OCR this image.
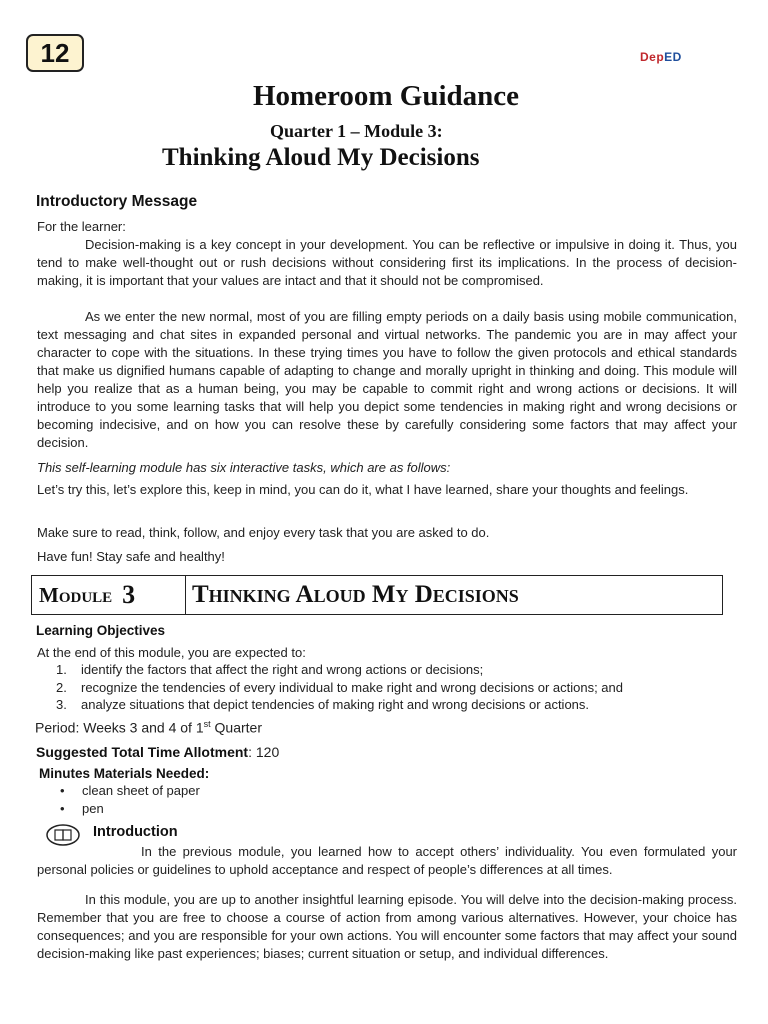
12	DepED
Homeroom Guidance
Quarter 1 – Module 3:
Thinking Aloud My Decisions
Introductory Message
For the learner:
Decision-making is a key concept in your development. You can be reflective or impulsive in doing it. Thus, you tend to make well-thought out or rush decisions without considering first its implications. In the process of decision-making, it is important that your values are intact and that it should not be compromised.
As we enter the new normal, most of you are filling empty periods on a daily basis using mobile communication, text messaging and chat sites in expanded personal and virtual networks. The pandemic you are in may affect your character to cope with the situations. In these trying times you have to follow the given protocols and ethical standards that make us dignified humans capable of adapting to change and morally upright in thinking and doing. This module will help you realize that as a human being, you may be capable to commit right and wrong actions or decisions. It will introduce to you some learning tasks that will help you depict some tendencies in making right and wrong decisions or becoming indecisive, and on how you can resolve these by carefully considering some factors that may affect your decision.
This self-learning module has six interactive tasks, which are as follows:
Let’s try this, let’s explore this, keep in mind, you can do it, what I have learned, share your thoughts and feelings.
Make sure to read, think, follow, and enjoy every task that you are asked to do.
Have fun! Stay safe and healthy!
Module 3 Thinking Aloud My Decisions
Learning Objectives
At the end of this module, you are expected to:
1.	identify the factors that affect the right and wrong actions or decisions;
2.	recognize the tendencies of every individual to make right and wrong decisions or actions; and
3.	analyze situations that depict tendencies of making right and wrong decisions or actions.
Period: Weeks 3 and 4 of 1st Quarter
Suggested Total Time Allotment: 120
Minutes Materials Needed:
•	clean sheet of paper
•	pen
Introduction
In the previous module, you learned how to accept others’ individuality. You even formulated your personal policies or guidelines to uphold acceptance and respect of people’s differences at all times.
In this module, you are up to another insightful learning episode. You will delve into the decision-making process. Remember that you are free to choose a course of action from among various alternatives. However, your choice has consequences; and you are responsible for your own actions. You will encounter some factors that may affect your sound decision-making like past experiences; biases; current situation or setup, and individual differences.
